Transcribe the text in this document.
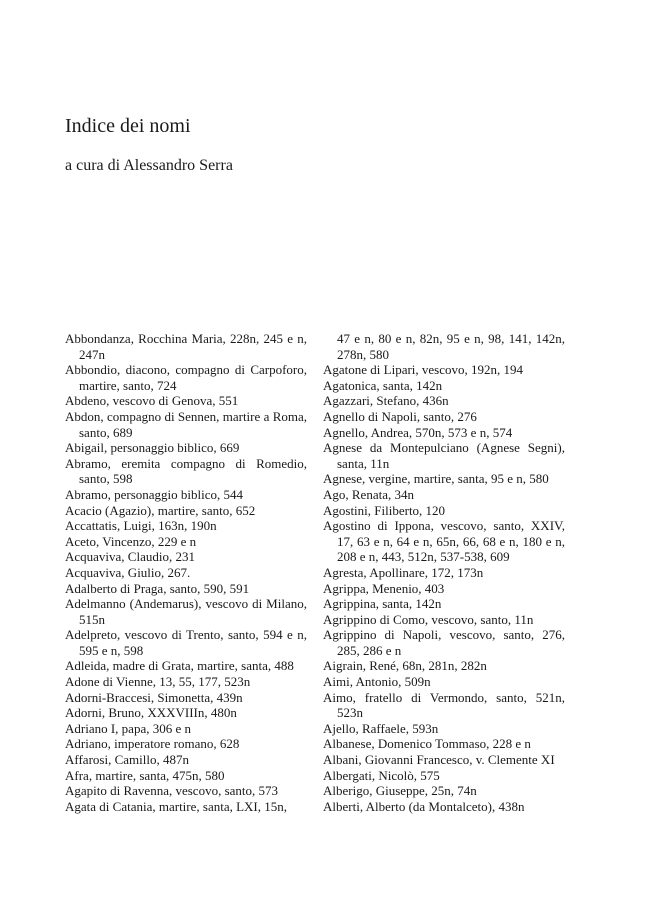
Indice dei nomi
a cura di Alessandro Serra

Abbondanza, Rocchina Maria, 228n, 245 e n, 247n

Abbondio, diacono, compagno di Carpoforo, martire, santo, 724

Abdeno, vescovo di Genova, 551

Abdon, compagno di Sennen, martire a Roma, santo, 689

Abigail, personaggio biblico, 669

Abramo, eremita compagno di Romedio, santo, 598

Abramo, personaggio biblico, 544

Acacio (Agazio), martire, santo, 652

Accattatis, Luigi, 163n, 190n

Aceto, Vincenzo, 229 e n

Acquaviva, Claudio, 231

Acquaviva, Giulio, 267.

Adalberto di Praga, santo, 590, 591

Adelmanno (Andemarus), vescovo di Milano, 515n

Adelpreto, vescovo di Trento, santo, 594 e n, 595 e n, 598

Adleida, madre di Grata, martire, santa, 488

Adone di Vienne, 13, 55, 177, 523n

Adorni-Braccesi, Simonetta, 439n

Adorni, Bruno, XXXVIIIn, 480n

Adriano I, papa, 306 e n

Adriano, imperatore romano, 628

Affarosi, Camillo, 487n

Afra, martire, santa, 475n, 580

Agapito di Ravenna, vescovo, santo, 573

Agata di Catania, martire, santa, LXI, 15n,

47 e n, 80 e n, 82n, 95 e n, 98, 141, 142n, 278n, 580

Agatone di Lipari, vescovo, 192n, 194

Agatonica, santa, 142n

Agazzari, Stefano, 436n

Agnello di Napoli, santo, 276

Agnello, Andrea, 570n, 573 e n, 574

Agnese da Montepulciano (Agnese Segni), santa, 11n

Agnese, vergine, martire, santa, 95 e n, 580

Ago, Renata, 34n

Agostini, Filiberto, 120

Agostino di Ippona, vescovo, santo, XXIV, 17, 63 e n, 64 e n, 65n, 66, 68 e n, 180 e n, 208 e n, 443, 512n, 537-538, 609

Agresta, Apollinare, 172, 173n

Agrippa, Menenio, 403

Agrippina, santa, 142n

Agrippino di Como, vescovo, santo, 11n

Agrippino di Napoli, vescovo, santo, 276, 285, 286 e n

Aigrain, René, 68n, 281n, 282n

Aimi, Antonio, 509n

Aimo, fratello di Vermondo, santo, 521n, 523n

Ajello, Raffaele, 593n

Albanese, Domenico Tommaso, 228 e n

Albani, Giovanni Francesco, v. Clemente XI

Albergati, Nicolò, 575

Alberigo, Giuseppe, 25n, 74n

Alberti, Alberto (da Montalceto), 438n
